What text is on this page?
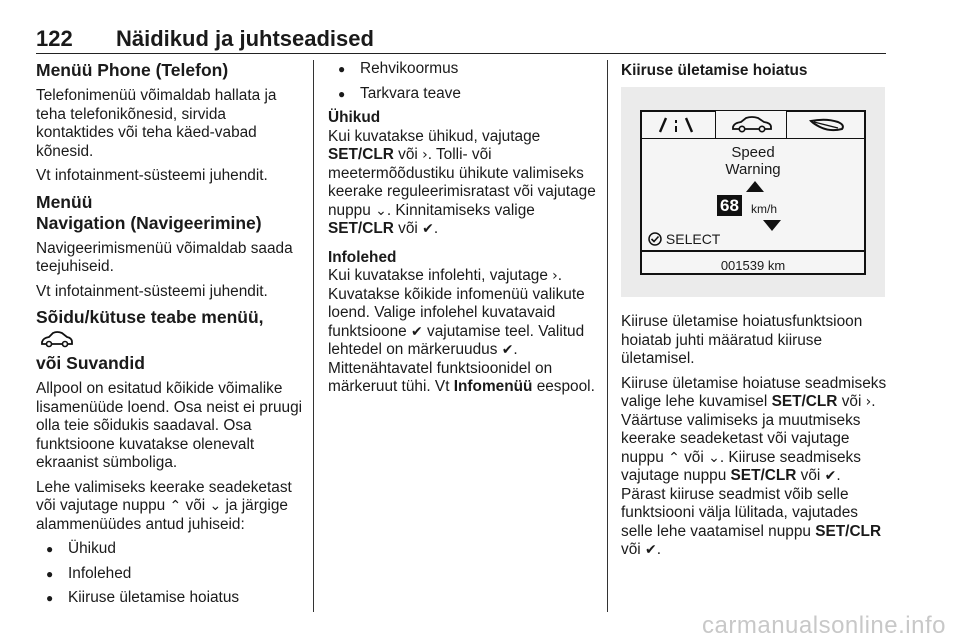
122 Näidikud ja juhtseadised
Menüü Phone (Telefon)

Telefonimenüü võimaldab hallata ja teha telefonikõnesid, sirvida kontaktides või teha käed-vabad kõnesid.

Vt infotainment-süsteemi juhendit.

Menüü
Navigation (Navigeerimine)

Navigeerimismenüü võimaldab saada teejuhiseid.

Vt infotainment-süsteemi juhendit.

Sõidu/kütuse teabe menüü,
või Suvandid

Allpool on esitatud kõikide võimalike lisamenüüde loend. Osa neist ei pruugi olla teie sõidukis saadaval. Osa funktsioone kuvatakse olenevalt ekraanist sümboliga.

Lehe valimiseks keerake seadeketast või vajutage nuppu ⌃ või ⌄ ja järgige alammenüüdes antud juhiseid:

● Ühikud
● Infolehed
● Kiiruse ületamise hoiatus
● Rehvikoormus
● Tarkvara teave

Ühikud
Kui kuvatakse ühikud, vajutage SET/CLR või ›. Tolli- või meetermõõdustiku ühikute valimiseks keerake reguleerimisratast või vajutage nuppu ⌄. Kinnitamiseks valige SET/CLR või ✔.

Infolehed
Kui kuvatakse infolehti, vajutage ›. Kuvatakse kõikide infomenüü valikute loend. Valige infolehel kuvatavaid funktsioone ✔ vajutamise teel. Valitud lehtedel on märkeruudus ✔. Mittenähtavatel funktsioonidel on märkeruut tühi. Vt Infomenüü eespool.

Kiiruse ületamise hoiatus
Speed
Warning
68 km/h
SELECT
001539 km

Kiiruse ületamise hoiatusfunktsioon hoiatab juhti määratud kiiruse ületamisel.

Kiiruse ületamise hoiatuse seadmiseks valige lehe kuvamisel SET/CLR või ›. Väärtuse valimiseks ja muutmiseks keerake seadeketast või vajutage nuppu ⌃ või ⌄. Kiiruse seadmiseks vajutage nuppu SET/CLR või ✔. Pärast kiiruse seadmist võib selle funktsiooni välja lülitada, vajutades selle lehe vaatamisel nuppu SET/CLR või ✔.

carmanualsonline.info
